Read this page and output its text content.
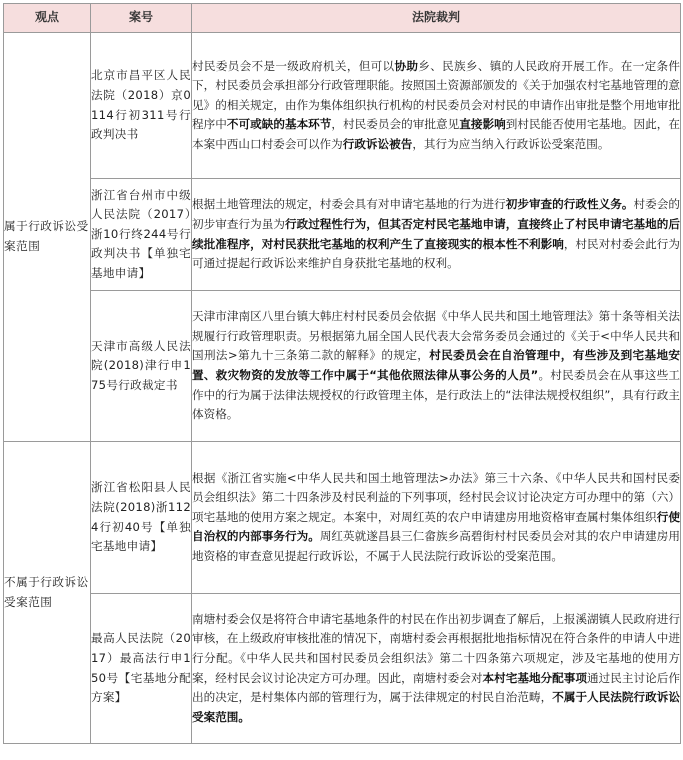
观点	案号	法院裁判
属于行政诉讼受案范围	北京市昌平区人民法院（2018）京0114行初311号行政判决书	村民委员会不是一级政府机关，但可以协助乡、民族乡、镇的人民政府开展工作。在一定条件下，村民委员会承担部分行政管理职能。按照国土资源部颁发的《关于加强农村宅基地管理的意见》的相关规定，由作为集体组织执行机构的村民委员会对村民的申请作出审批是整个用地审批程序中不可或缺的基本环节，村民委员会的审批意见直接影响到村民能否使用宅基地。因此，在本案中西山口村委会可以作为行政诉讼被告，其行为应当纳入行政诉讼受案范围。
	浙江省台州市中级人民法院（2017）浙10行终244号行政判决书【单独宅基地申请】	根据土地管理法的规定，村委会具有对申请宅基地的行为进行初步审查的行政性义务。村委会的初步审查行为虽为行政过程性行为，但其否定村民宅基地申请，直接终止了村民申请宅基地的后续批准程序，对村民获批宅基地的权利产生了直接现实的根本性不利影响，村民对村委会此行为可通过提起行政诉讼来维护自身获批宅基地的权利。
	天津市高级人民法院(2018)津行申175号行政裁定书	天津市津南区八里台镇大韩庄村村民委员会依据《中华人民共和国土地管理法》第十条等相关法规履行行政管理职责。另根据第九届全国人民代表大会常务委员会通过的《关于<中华人民共和国刑法>第九十三条第二款的解释》的规定，村民委员会在自治管理中，有些涉及到宅基地安置、救灾物资的发放等工作中属于“其他依照法律从事公务的人员”。村民委员会在从事这些工作中的行为属于法律法规授权的行政管理主体，是行政法上的“法律法规授权组织”，具有行政主体资格。
不属于行政诉讼受案范围	浙江省松阳县人民法院(2018)浙1124行初40号【单独宅基地申请】	根据《浙江省实施<中华人民共和国土地管理法>办法》第三十六条、《中华人民共和国村民委员会组织法》第二十四条涉及村民利益的下列事项，经村民会议讨论决定方可办理中的第（六）项宅基地的使用方案之规定。本案中，对周红英的农户申请建房用地资格审查属村集体组织行使自治权的内部事务行为。周红英就遂昌县三仁畲族乡高碧街村村民委员会对其的农户申请建房用地资格的审查意见提起行政诉讼，不属于人民法院行政诉讼的受案范围。
	最高人民法院（2017）最高法行申150号【宅基地分配方案】	南塘村委会仅是将符合申请宅基地条件的村民在作出初步调查了解后，上报溪湖镇人民政府进行审核，在上级政府审核批准的情况下，南塘村委会再根据批地指标情况在符合条件的申请人中进行分配。《中华人民共和国村民委员会组织法》第二十四条第六项规定，涉及宅基地的使用方案，经村民会议讨论决定方可办理。因此，南塘村委会对本村宅基地分配事项通过民主讨论后作出的决定，是村集体内部的管理行为，属于法律规定的村民自治范畴，不属于人民法院行政诉讼受案范围。
